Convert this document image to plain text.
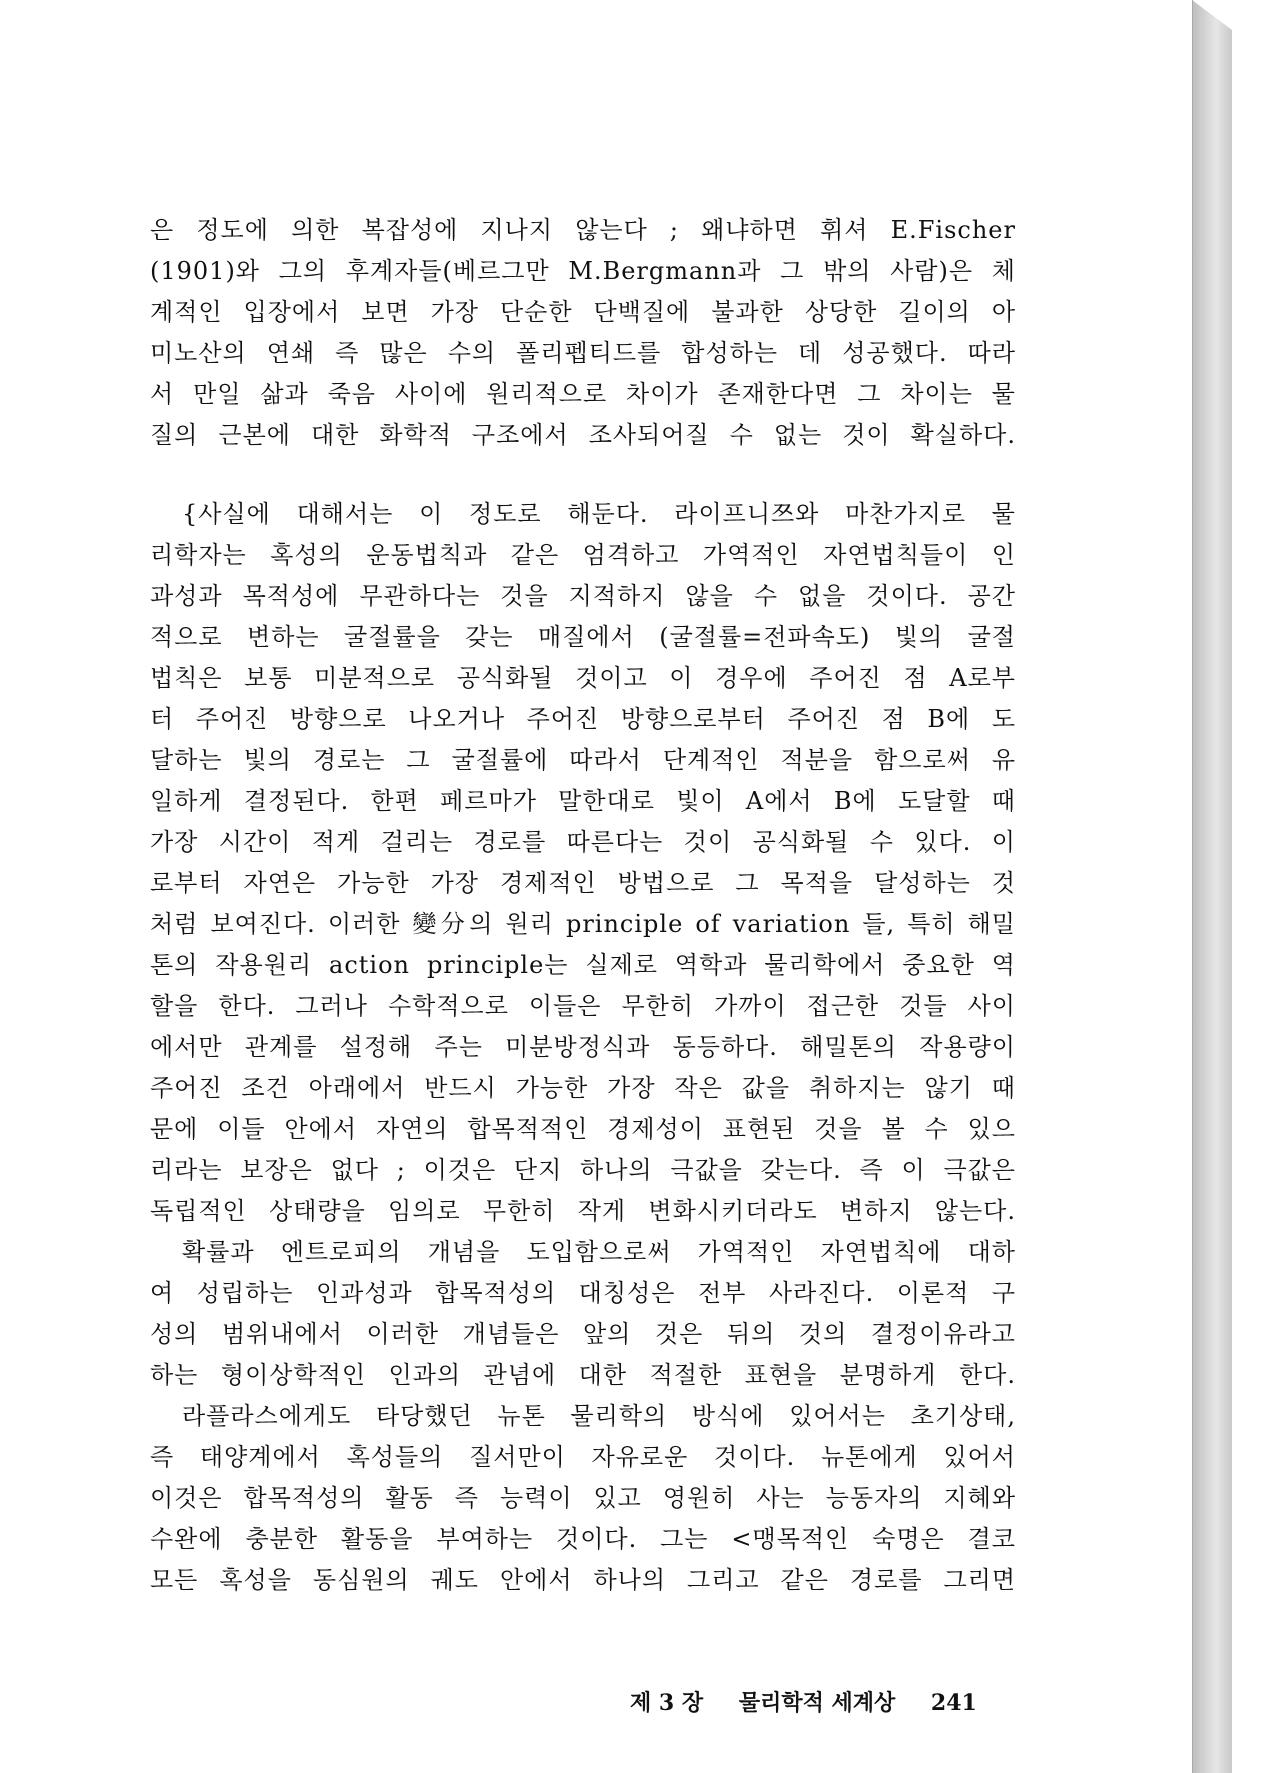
은 정도에 의한 복잡성에 지나지 않는다 ; 왜냐하면 휘셔 E.Fischer
(1901)와 그의 후계자들(베르그만 M.Bergmann과 그 밖의 사람)은 체
계적인 입장에서 보면 가장 단순한 단백질에 불과한 상당한 길이의 아
미노산의 연쇄 즉 많은 수의 폴리펩티드를 합성하는 데 성공했다. 따라
서 만일 삶과 죽음 사이에 원리적으로 차이가 존재한다면 그 차이는 물
질의 근본에 대한 화학적 구조에서 조사되어질 수 없는 것이 확실하다.
{사실에 대해서는 이 정도로 해둔다. 라이프니쯔와 마찬가지로 물
리학자는 혹성의 운동법칙과 같은 엄격하고 가역적인 자연법칙들이 인
과성과 목적성에 무관하다는 것을 지적하지 않을 수 없을 것이다. 공간
적으로 변하는 굴절률을 갖는 매질에서 (굴절률=전파속도) 빛의 굴절
법칙은 보통 미분적으로 공식화될 것이고 이 경우에 주어진 점 A로부
터 주어진 방향으로 나오거나 주어진 방향으로부터 주어진 점 B에 도
달하는 빛의 경로는 그 굴절률에 따라서 단계적인 적분을 함으로써 유
일하게 결정된다. 한편 페르마가 말한대로 빛이 A에서 B에 도달할 때
가장 시간이 적게 걸리는 경로를 따른다는 것이 공식화될 수 있다. 이
로부터 자연은 가능한 가장 경제적인 방법으로 그 목적을 달성하는 것
처럼 보여진다. 이러한 變分의 원리 principle of variation 들, 특히 해밀
톤의 작용원리 action principle는 실제로 역학과 물리학에서 중요한 역
할을 한다. 그러나 수학적으로 이들은 무한히 가까이 접근한 것들 사이
에서만 관계를 설정해 주는 미분방정식과 동등하다. 해밀톤의 작용량이
주어진 조건 아래에서 반드시 가능한 가장 작은 값을 취하지는 않기 때
문에 이들 안에서 자연의 합목적적인 경제성이 표현된 것을 볼 수 있으
리라는 보장은 없다 ; 이것은 단지 하나의 극값을 갖는다. 즉 이 극값은
독립적인 상태량을 임의로 무한히 작게 변화시키더라도 변하지 않는다.
확률과 엔트로피의 개념을 도입함으로써 가역적인 자연법칙에 대하
여 성립하는 인과성과 합목적성의 대칭성은 전부 사라진다. 이론적 구
성의 범위내에서 이러한 개념들은 앞의 것은 뒤의 것의 결정이유라고
하는 형이상학적인 인과의 관념에 대한 적절한 표현을 분명하게 한다.
라플라스에게도 타당했던 뉴톤 물리학의 방식에 있어서는 초기상태,
즉 태양계에서 혹성들의 질서만이 자유로운 것이다. 뉴톤에게 있어서
이것은 합목적성의 활동 즉 능력이 있고 영원히 사는 능동자의 지혜와
수완에 충분한 활동을 부여하는 것이다. 그는 <맹목적인 숙명은 결코
모든 혹성을 동심원의 궤도 안에서 하나의 그리고 같은 경로를 그리면
제 3 장 물리학적 세계상 241
